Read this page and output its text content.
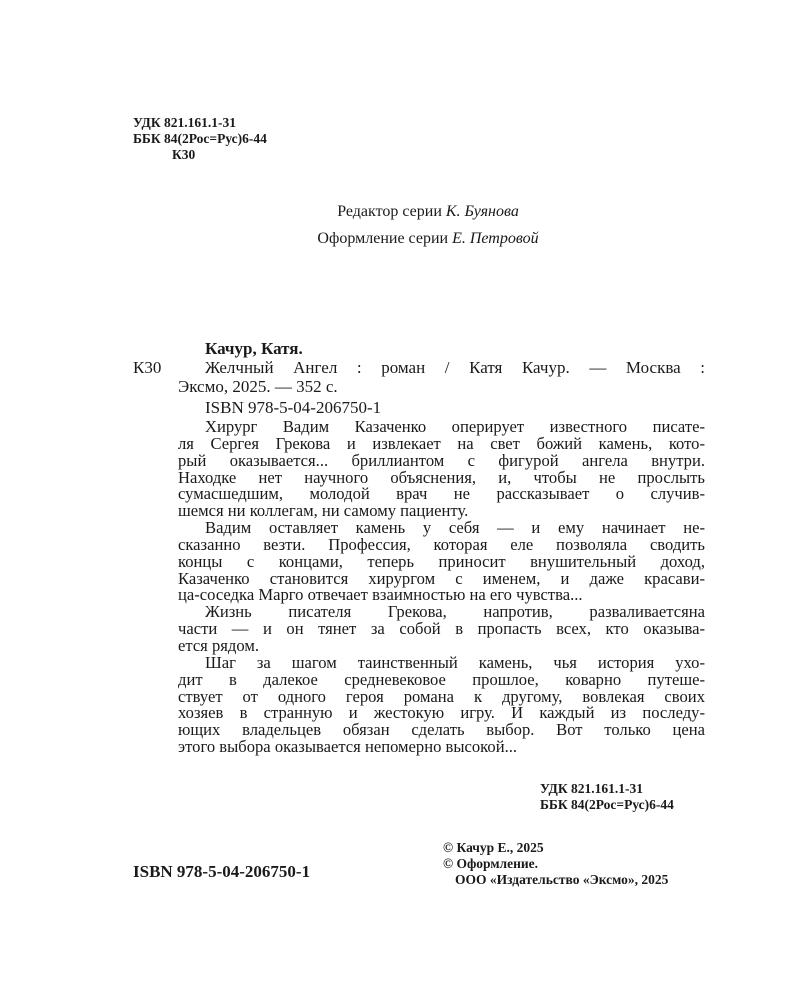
УДК 821.161.1-31
ББК 84(2Рос=Рус)6-44
К30
Редактор серии К. Буянова
Оформление серии Е. Петровой
Качур, Катя.
К30	Желчный Ангел : роман / Катя Качур. — Москва :
Эксмо, 2025. — 352 с.
ISBN 978-5-04-206750-1
Хирург Вадим Казаченко оперирует известного писате-
ля Сергея Грекова и извлекает на свет божий камень, кото-
рый оказывается... бриллиантом с фигурой ангела внутри.
Находке нет научного объяснения, и, чтобы не прослыть
сумасшедшим, молодой врач не рассказывает о случив-
шемся ни коллегам, ни самому пациенту.
Вадим оставляет камень у себя — и ему начинает не-
сказанно везти. Профессия, которая еле позволяла сводить
концы с концами, теперь приносит внушительный доход,
Казаченко становится хирургом с именем, и даже красави-
ца-соседка Марго отвечает взаимностью на его чувства...
Жизнь писателя Грекова, напротив, разваливаетсяна
части — и он тянет за собой в пропасть всех, кто оказыва-
ется рядом.
Шаг за шагом таинственный камень, чья история ухо-
дит в далекое средневековое прошлое, коварно путеше-
ствует от одного героя романа к другому, вовлекая своих
хозяев в странную и жестокую игру. И каждый из последу-
ющих владельцев обязан сделать выбор. Вот только цена
этого выбора оказывается непомерно высокой...
УДК 821.161.1-31
ББК 84(2Рос=Рус)6-44
ISBN 978-5-04-206750-1
© Качур Е., 2025
© Оформление.
ООО «Издательство «Эксмо», 2025
